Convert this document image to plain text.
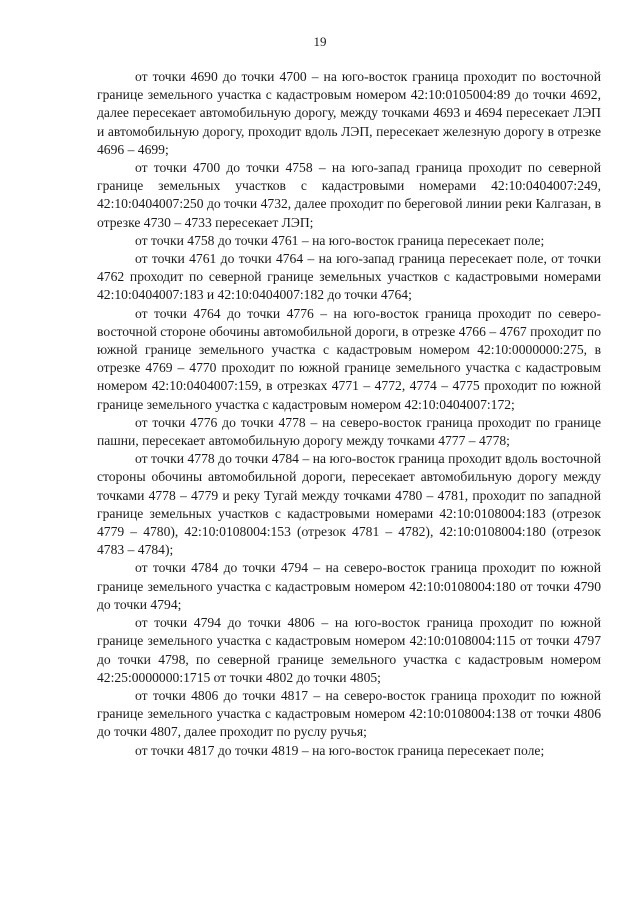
19

от точки 4690 до точки 4700 – на юго-восток граница проходит по восточной границе земельного участка с кадастровым номером 42:10:0105004:89 до точки 4692, далее пересекает автомобильную дорогу, между точками 4693 и 4694 пересекает ЛЭП и автомобильную дорогу, проходит вдоль ЛЭП, пересекает железную дорогу в отрезке 4696 – 4699;

от точки 4700 до точки 4758 – на юго-запад граница проходит по северной границе земельных участков с кадастровыми номерами 42:10:0404007:249, 42:10:0404007:250 до точки 4732, далее проходит по береговой линии реки Калгазан, в отрезке 4730 – 4733 пересекает ЛЭП;

от точки 4758 до точки 4761 – на юго-восток граница пересекает поле;

от точки 4761 до точки 4764 – на юго-запад граница пересекает поле, от точки 4762 проходит по северной границе земельных участков с кадастровыми номерами 42:10:0404007:183 и 42:10:0404007:182 до точки 4764;

от точки 4764 до точки 4776 – на юго-восток граница проходит по северо-восточной стороне обочины автомобильной дороги, в отрезке 4766 – 4767 проходит по южной границе земельного участка с кадастровым номером 42:10:0000000:275, в отрезке 4769 – 4770 проходит по южной границе земельного участка с кадастровым номером 42:10:0404007:159, в отрезках 4771 – 4772, 4774 – 4775 проходит по южной границе земельного участка с кадастровым номером 42:10:0404007:172;

от точки 4776 до точки 4778 – на северо-восток граница проходит по границе пашни, пересекает автомобильную дорогу между точками 4777 – 4778;

от точки 4778 до точки 4784 – на юго-восток граница проходит вдоль восточной стороны обочины автомобильной дороги, пересекает автомобильную дорогу между точками 4778 – 4779 и реку Тугай между точками 4780 – 4781, проходит по западной границе земельных участков с кадастровыми номерами 42:10:0108004:183 (отрезок 4779 – 4780), 42:10:0108004:153 (отрезок 4781 – 4782), 42:10:0108004:180 (отрезок 4783 – 4784);

от точки 4784 до точки 4794 – на северо-восток граница проходит по южной границе земельного участка с кадастровым номером 42:10:0108004:180 от точки 4790 до точки 4794;

от точки 4794 до точки 4806 – на юго-восток граница проходит по южной границе земельного участка с кадастровым номером 42:10:0108004:115 от точки 4797 до точки 4798, по северной границе земельного участка с кадастровым номером 42:25:0000000:1715 от точки 4802 до точки 4805;

от точки 4806 до точки 4817 – на северо-восток граница проходит по южной границе земельного участка с кадастровым номером 42:10:0108004:138 от точки 4806 до точки 4807, далее проходит по руслу ручья;

от точки 4817 до точки 4819 – на юго-восток граница пересекает поле;
